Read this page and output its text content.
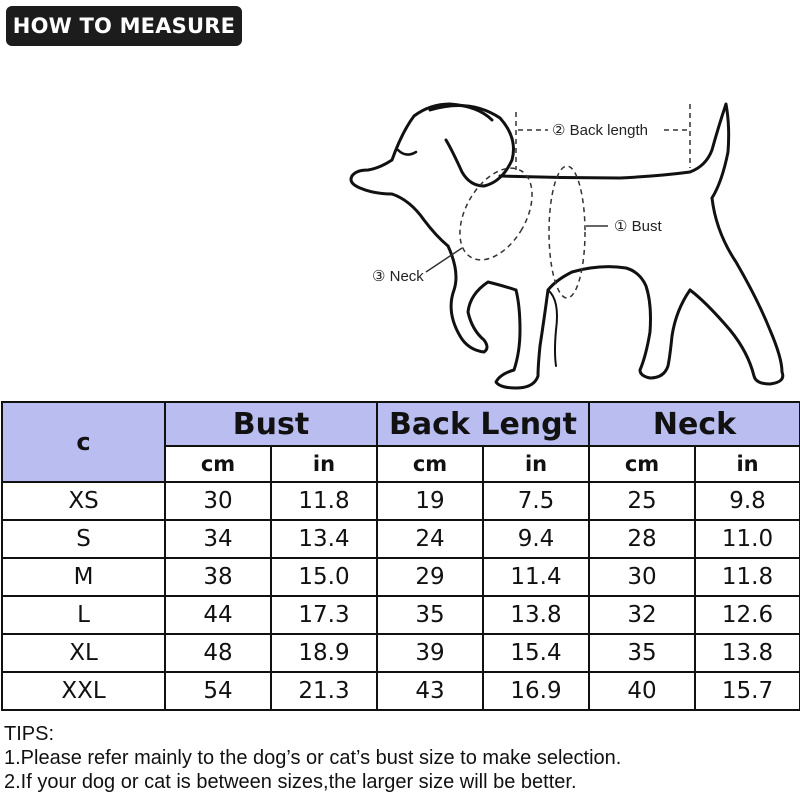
HOW TO MEASURE
② Back length
① Bust
③ Neck
c	Bust		Back Lengt		Neck	
	cm	in	cm	in	cm	in
XS	30	11.8	19	7.5	25	9.8
S	34	13.4	24	9.4	28	11.0
M	38	15.0	29	11.4	30	11.8
L	44	17.3	35	13.8	32	12.6
XL	48	18.9	39	15.4	35	13.8
XXL	54	21.3	43	16.9	40	15.7
TIPS:
1.Please refer mainly to the dog’s or cat’s bust size to make selection.
2.If your dog or cat is between sizes,the larger size will be better.
